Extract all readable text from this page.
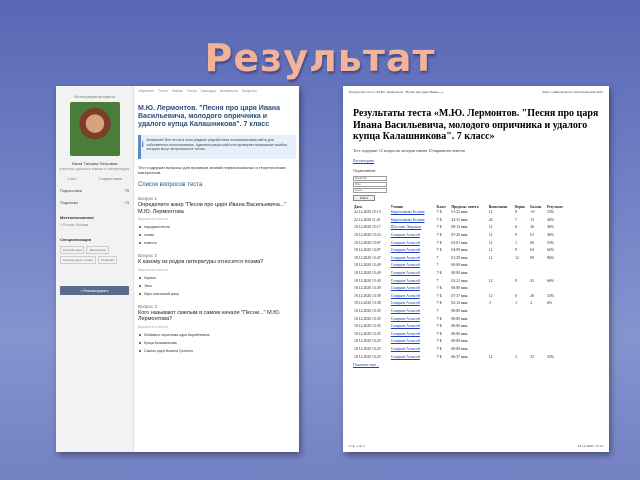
Результат
Фотография профиля
Ланга Татьяна Петровна
учитель русского языка и литературы
1 тест	0 подписчиков
Подписчики	75
Подписки	73
Местоположение
⌖ Россия, Москва
Специализация
Русский язык	Литература
Литературное чтение	Риторика
<
Рекомендовать
Обучение Тесты Файлы Тесты Закладки Активность Вопросы
М.Ю. Лермонтов. "Песня про царя Ивана Васильевича, молодого опричника и удалого купца Калашникова". 7 класс
i Внимание! Все тесты в этом разделе разработаны пользователями сайта для собственного использования. Администрация сайта не проверяет возможные ошибки, которые могут встречаться в тестах.
Тест содержит вопросы для проверки знаний первоначальных и теоретических материалов.
Список вопросов теста
Вопрос 1
Определите жанр "Песни про царя Ивана Васильевича..." М.Ю. Лермонтова
Варианты ответов
народная песня
поэма
повесть
Вопрос 2
К какому из родов литературы относится поэма?
Варианты ответов
Лирика
Эпос
Лиро-эпический жанр
Вопрос 3
Кого называют смелым в самом начале "Песни..." М.Ю. Лермонтова?
Варианты ответов
Любимого опричника царя Кирибеевича
Купца Калашникова
Самого царя Иоанна Грозного
Результаты теста «М.Ю. Лермонтов. "Песня про царя Ивана...»	https://onlinetestpad.com/ru/testresult/4422
Результаты теста «М.Ю. Лермонтов. "Песня про царя Ивана Васильевича, молодого опричника и удалого купца Калашникова". 7 класс»
Тест содержит 12 вопросов, которые имеют 10 вариантов ответов
Рассмотреть
Ограничение
Фамилия
Имя
Класс
Найти
Дата	Ученик	Класс	Продолж. ответа	Выполнено	Верно	Баллы	Результат
22.12.2020 15:13	Кириленкова Ксения	7-Б	01:22 мин.	12	8	+0	53%
22.12.2020 11:41	Кириленкова Ксения	7-Б	23:31 мин.	24	7	13	46%
18.12.2020 15:17	Шустова Людмила	7-Б	08:13 мин.	12	6	26	46%
18.12.2020 13:23	Смирнов Алексей	7-Б	07:20 мин.	12	9	61	46%
18.12.2020 13:07	Смирнов Алексей	7-Б	02:01 мин.	12	1	60	53%
18.12.2020 13:07	Смирнов Алексей	7-Б	04:09 мин.	12	9	63	66%
18.12.2020 12:47	Смирнов Алексей	7	01:29 мин.	12	12	90	86%
18.12.2020 12:49	Смирнов Алексей	7	00:00 мин.				
18.12.2020 13:49	Смирнов Алексей	7-Б	00:00 мин.				
18.12.2020 13:49	Смирнов Алексей	7	02:21 мин.	12	9	43	66%
18.12.2020 13:49	Смирнов Алексей	7-Б	00:00 мин.				
18.12.2020 13:38	Смирнов Алексей	7-Б	07:37 мин.	12	6	26	33%
18.12.2020 13:38	Смирнов Алексей	7-Б	02:12 мин.	3	1	2	6%
18.12.2020 13:35	Смирнов Алексей	7	00:00 мин.				
18.12.2020 13:35	Смирнов Алексей	7-Б	00:00 мин.				
18.12.2020 13:35	Смирнов Алексей	7-Б	00:00 мин.				
18.12.2020 13:25	Смирнов Алексей	7-Б	00:00 мин.				
18.12.2020 13:25	Смирнов Алексей	7-Б	00:00 мин.				
18.12.2020 13:25	Смирнов Алексей	7-Б	00:00 мин.				
18.12.2020 13:25	Смирнов Алексей	7-Б	06:37 мин.	12	3	25	33%
Показать ещё...
Стр. 1 из 1	23.12.2020, 15:13
